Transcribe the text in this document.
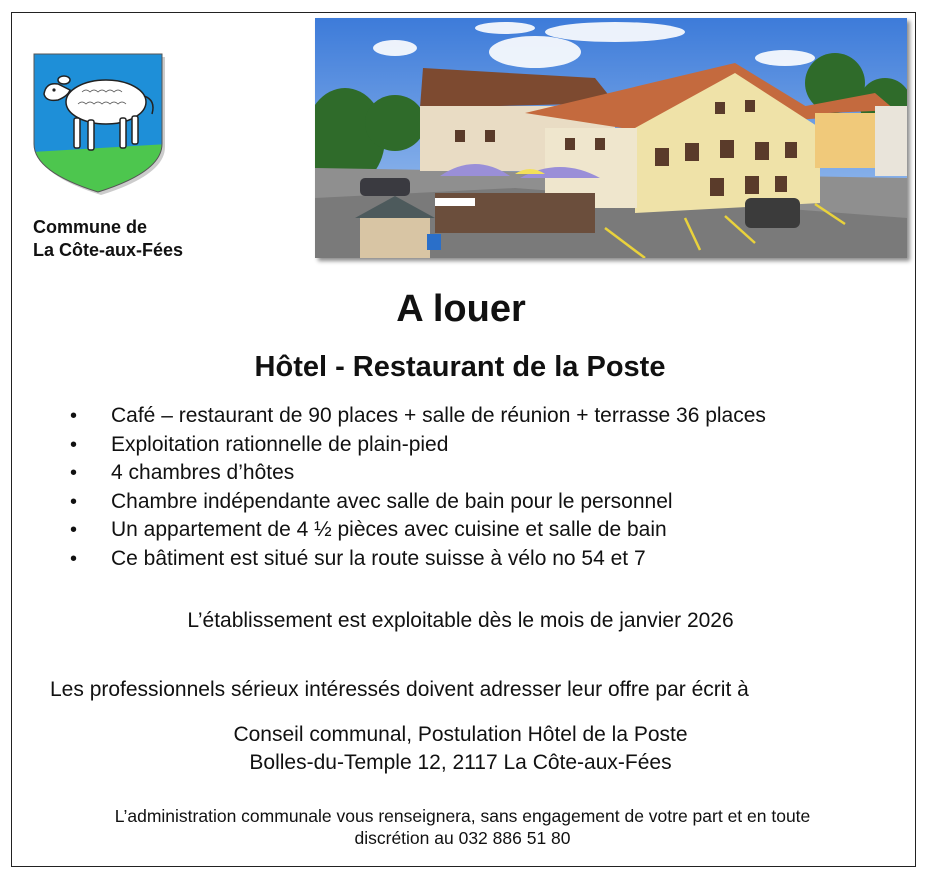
Commune de
La Côte-aux-Fées
A louer
Hôtel - Restaurant de la Poste
• Café – restaurant de 90 places + salle de réunion + terrasse 36 places
• Exploitation rationnelle de plain-pied
• 4 chambres d’hôtes
• Chambre indépendante avec salle de bain pour le personnel
• Un appartement de 4 ½ pièces avec cuisine et salle de bain
• Ce bâtiment est situé sur la route suisse à vélo no 54 et 7
L’établissement est exploitable dès le mois de janvier 2026
Les professionnels sérieux intéressés doivent adresser leur offre par écrit à
Conseil communal, Postulation Hôtel de la Poste
Bolles-du-Temple 12, 2117 La Côte-aux-Fées
L’administration communale vous renseignera, sans engagement de votre part et en toute
discrétion au 032 886 51 80
